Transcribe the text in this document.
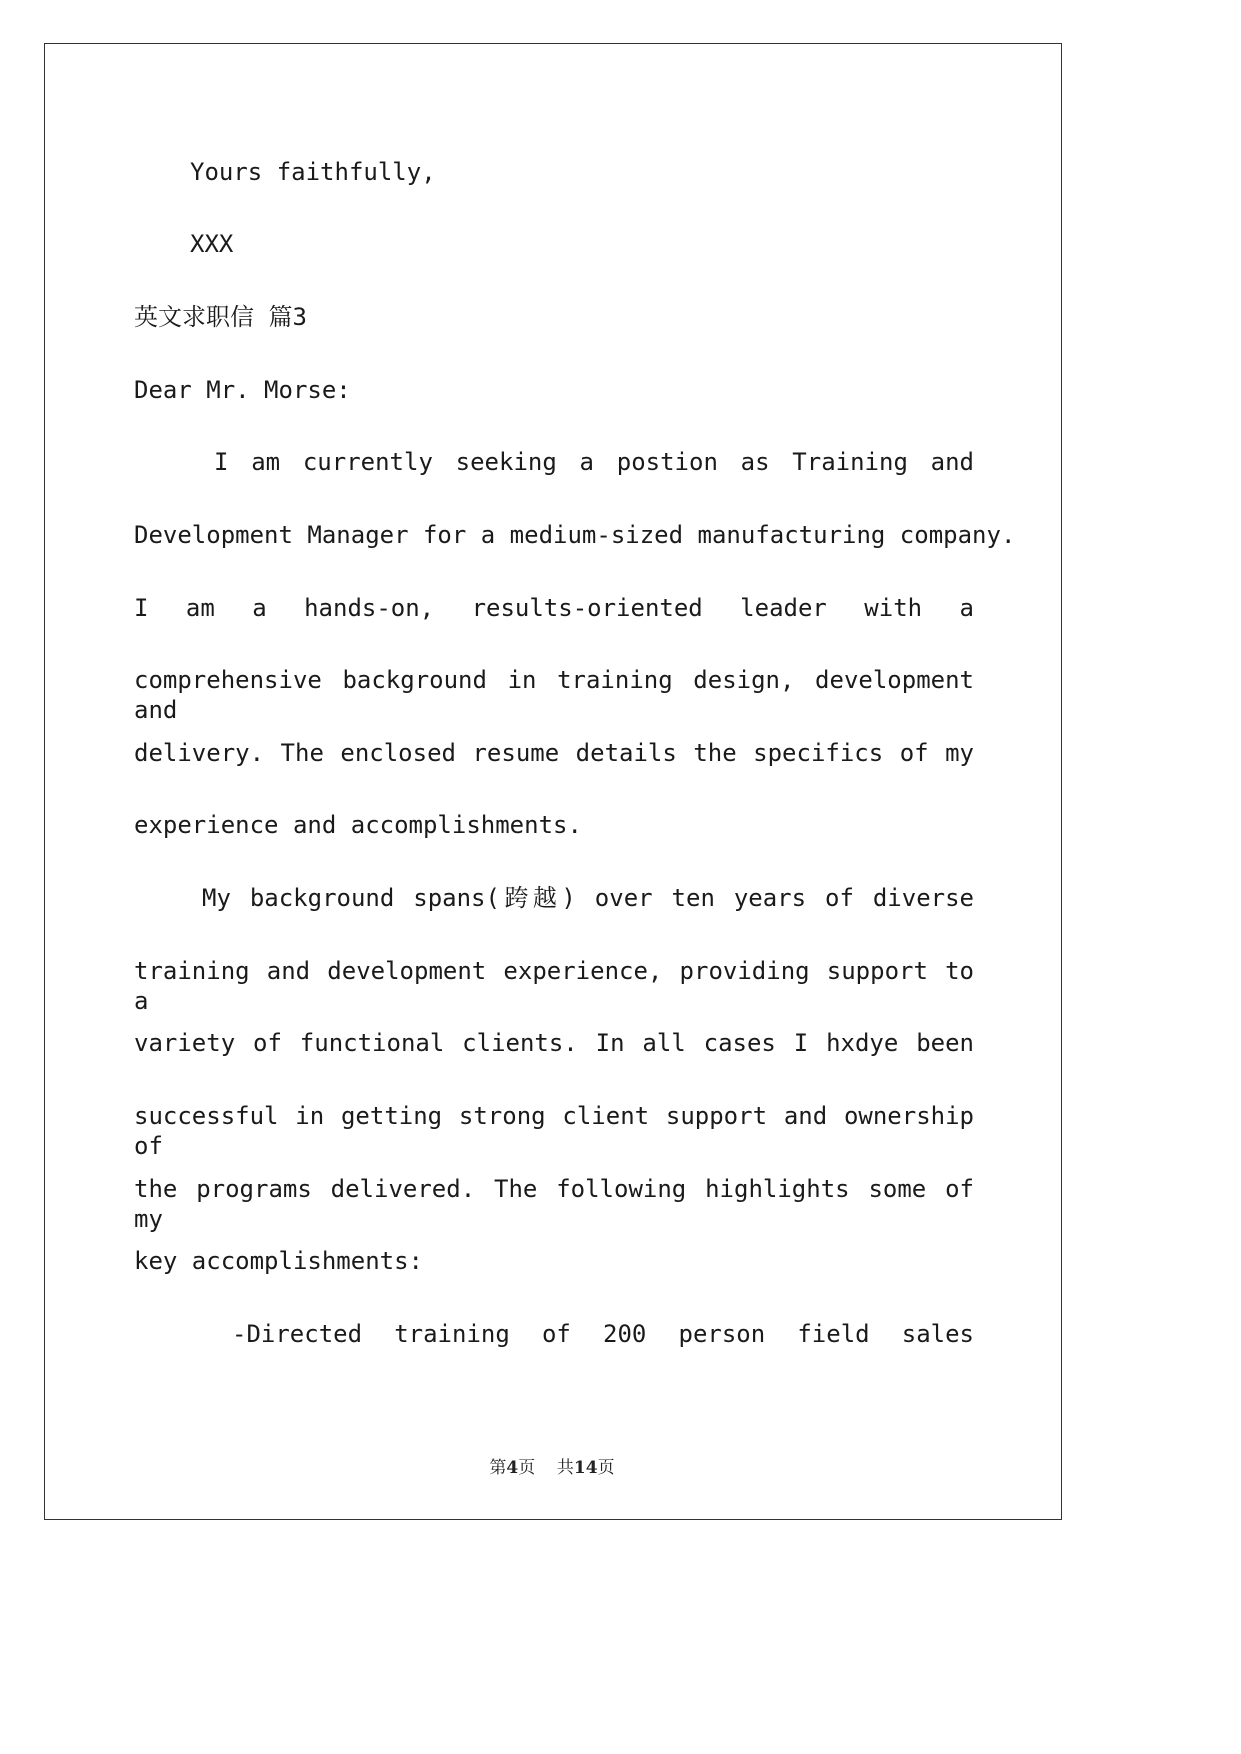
Yours faithfully,

XXX

英文求职信 篇3

Dear Mr. Morse:

I am currently seeking a postion as Training and

Development Manager for a medium-sized manufacturing company.

I am a hands-on, results-oriented leader with a

comprehensive background in training design, development and

delivery. The enclosed resume details the specifics of my

experience and accomplishments.

My background spans(跨越) over ten years of diverse

training and development experience, providing support to a

variety of functional clients. In all cases I hxdye been

successful in getting strong client support and ownership of

the programs delivered. The following highlights some of my

key accomplishments:

-Directed training of 200 person field sales

第4页 共14页
